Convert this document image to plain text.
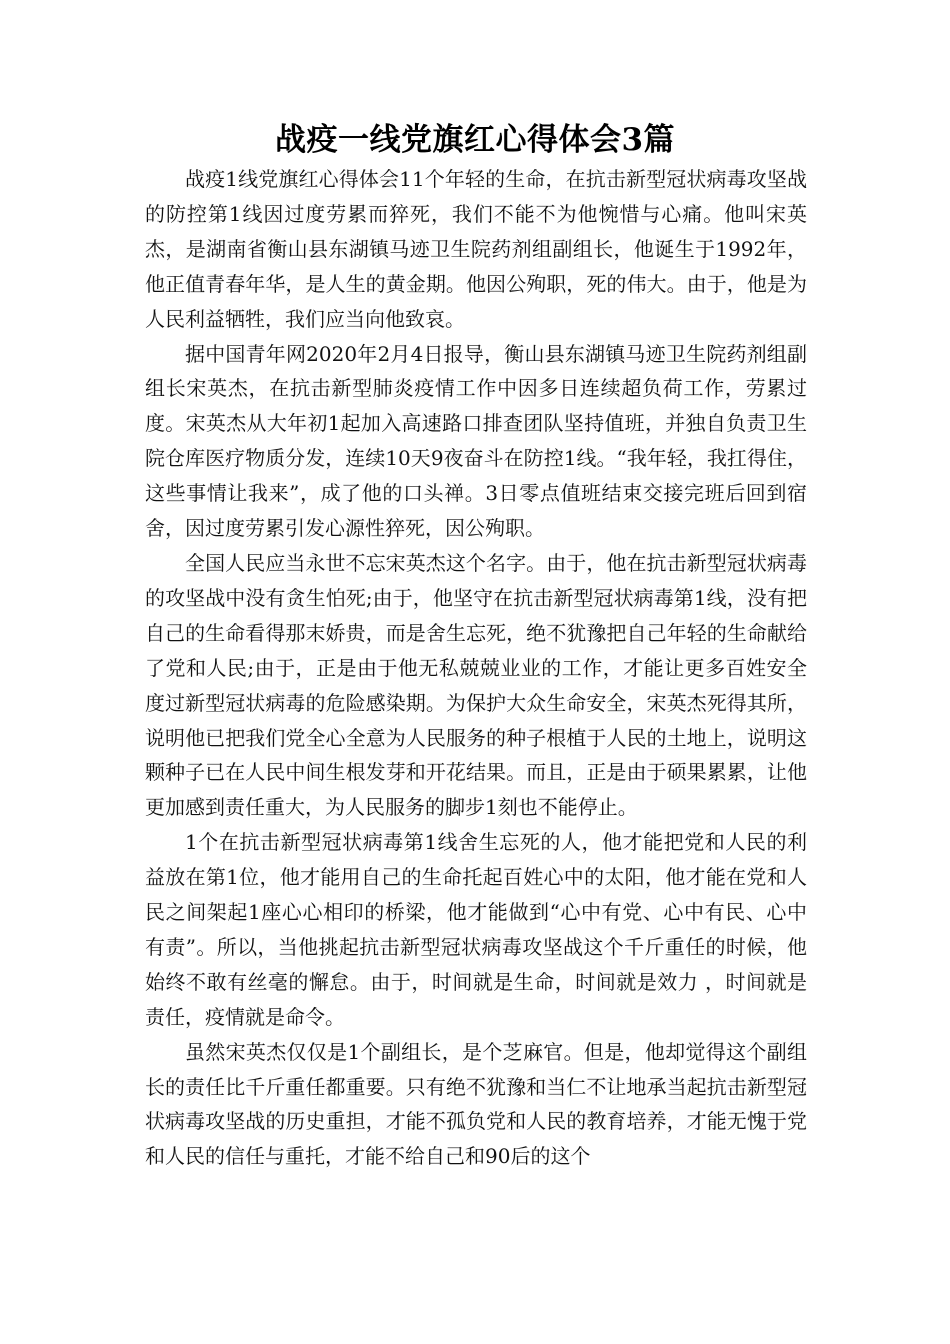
战疫一线党旗红心得体会3篇

战疫1线党旗红心得体会11个年轻的生命，在抗击新型冠状病毒攻坚战的防控第1线因过度劳累而猝死，我们不能不为他惋惜与心痛。他叫宋英杰，是湖南省衡山县东湖镇马迹卫生院药剂组副组长，他诞生于1992年，他正值青春年华，是人生的黄金期。他因公殉职，死的伟大。由于，他是为人民利益牺牲，我们应当向他致哀。

据中国青年网2020年2月4日报导，衡山县东湖镇马迹卫生院药剂组副组长宋英杰，在抗击新型肺炎疫情工作中因多日连续超负荷工作，劳累过度。宋英杰从大年初1起加入高速路口排查团队坚持值班，并独自负责卫生院仓库医疗物质分发，连续10天9夜奋斗在防控1线。“我年轻，我扛得住，这些事情让我来”，成了他的口头禅。3日零点值班结束交接完班后回到宿舍，因过度劳累引发心源性猝死，因公殉职。

全国人民应当永世不忘宋英杰这个名字。由于，他在抗击新型冠状病毒的攻坚战中没有贪生怕死;由于，他坚守在抗击新型冠状病毒第1线，没有把自己的生命看得那末娇贵，而是舍生忘死，绝不犹豫把自己年轻的生命献给了党和人民;由于，正是由于他无私兢兢业业的工作，才能让更多百姓安全度过新型冠状病毒的危险感染期。为保护大众生命安全，宋英杰死得其所，说明他已把我们党全心全意为人民服务的种子根植于人民的土地上，说明这颗种子已在人民中间生根发芽和开花结果。而且，正是由于硕果累累，让他更加感到责任重大，为人民服务的脚步1刻也不能停止。

1个在抗击新型冠状病毒第1线舍生忘死的人，他才能把党和人民的利益放在第1位，他才能用自己的生命托起百姓心中的太阳，他才能在党和人民之间架起1座心心相印的桥梁，他才能做到“心中有党、心中有民、心中有责”。所以，当他挑起抗击新型冠状病毒攻坚战这个千斤重任的时候，他始终不敢有丝毫的懈怠。由于，时间就是生命，时间就是效力 ，时间就是责任，疫情就是命令。

虽然宋英杰仅仅是1个副组长，是个芝麻官。但是，他却觉得这个副组长的责任比千斤重任都重要。只有绝不犹豫和当仁不让地承当起抗击新型冠状病毒攻坚战的历史重担，才能不孤负党和人民的教育培养，才能无愧于党和人民的信任与重托，才能不给自己和90后的这个
